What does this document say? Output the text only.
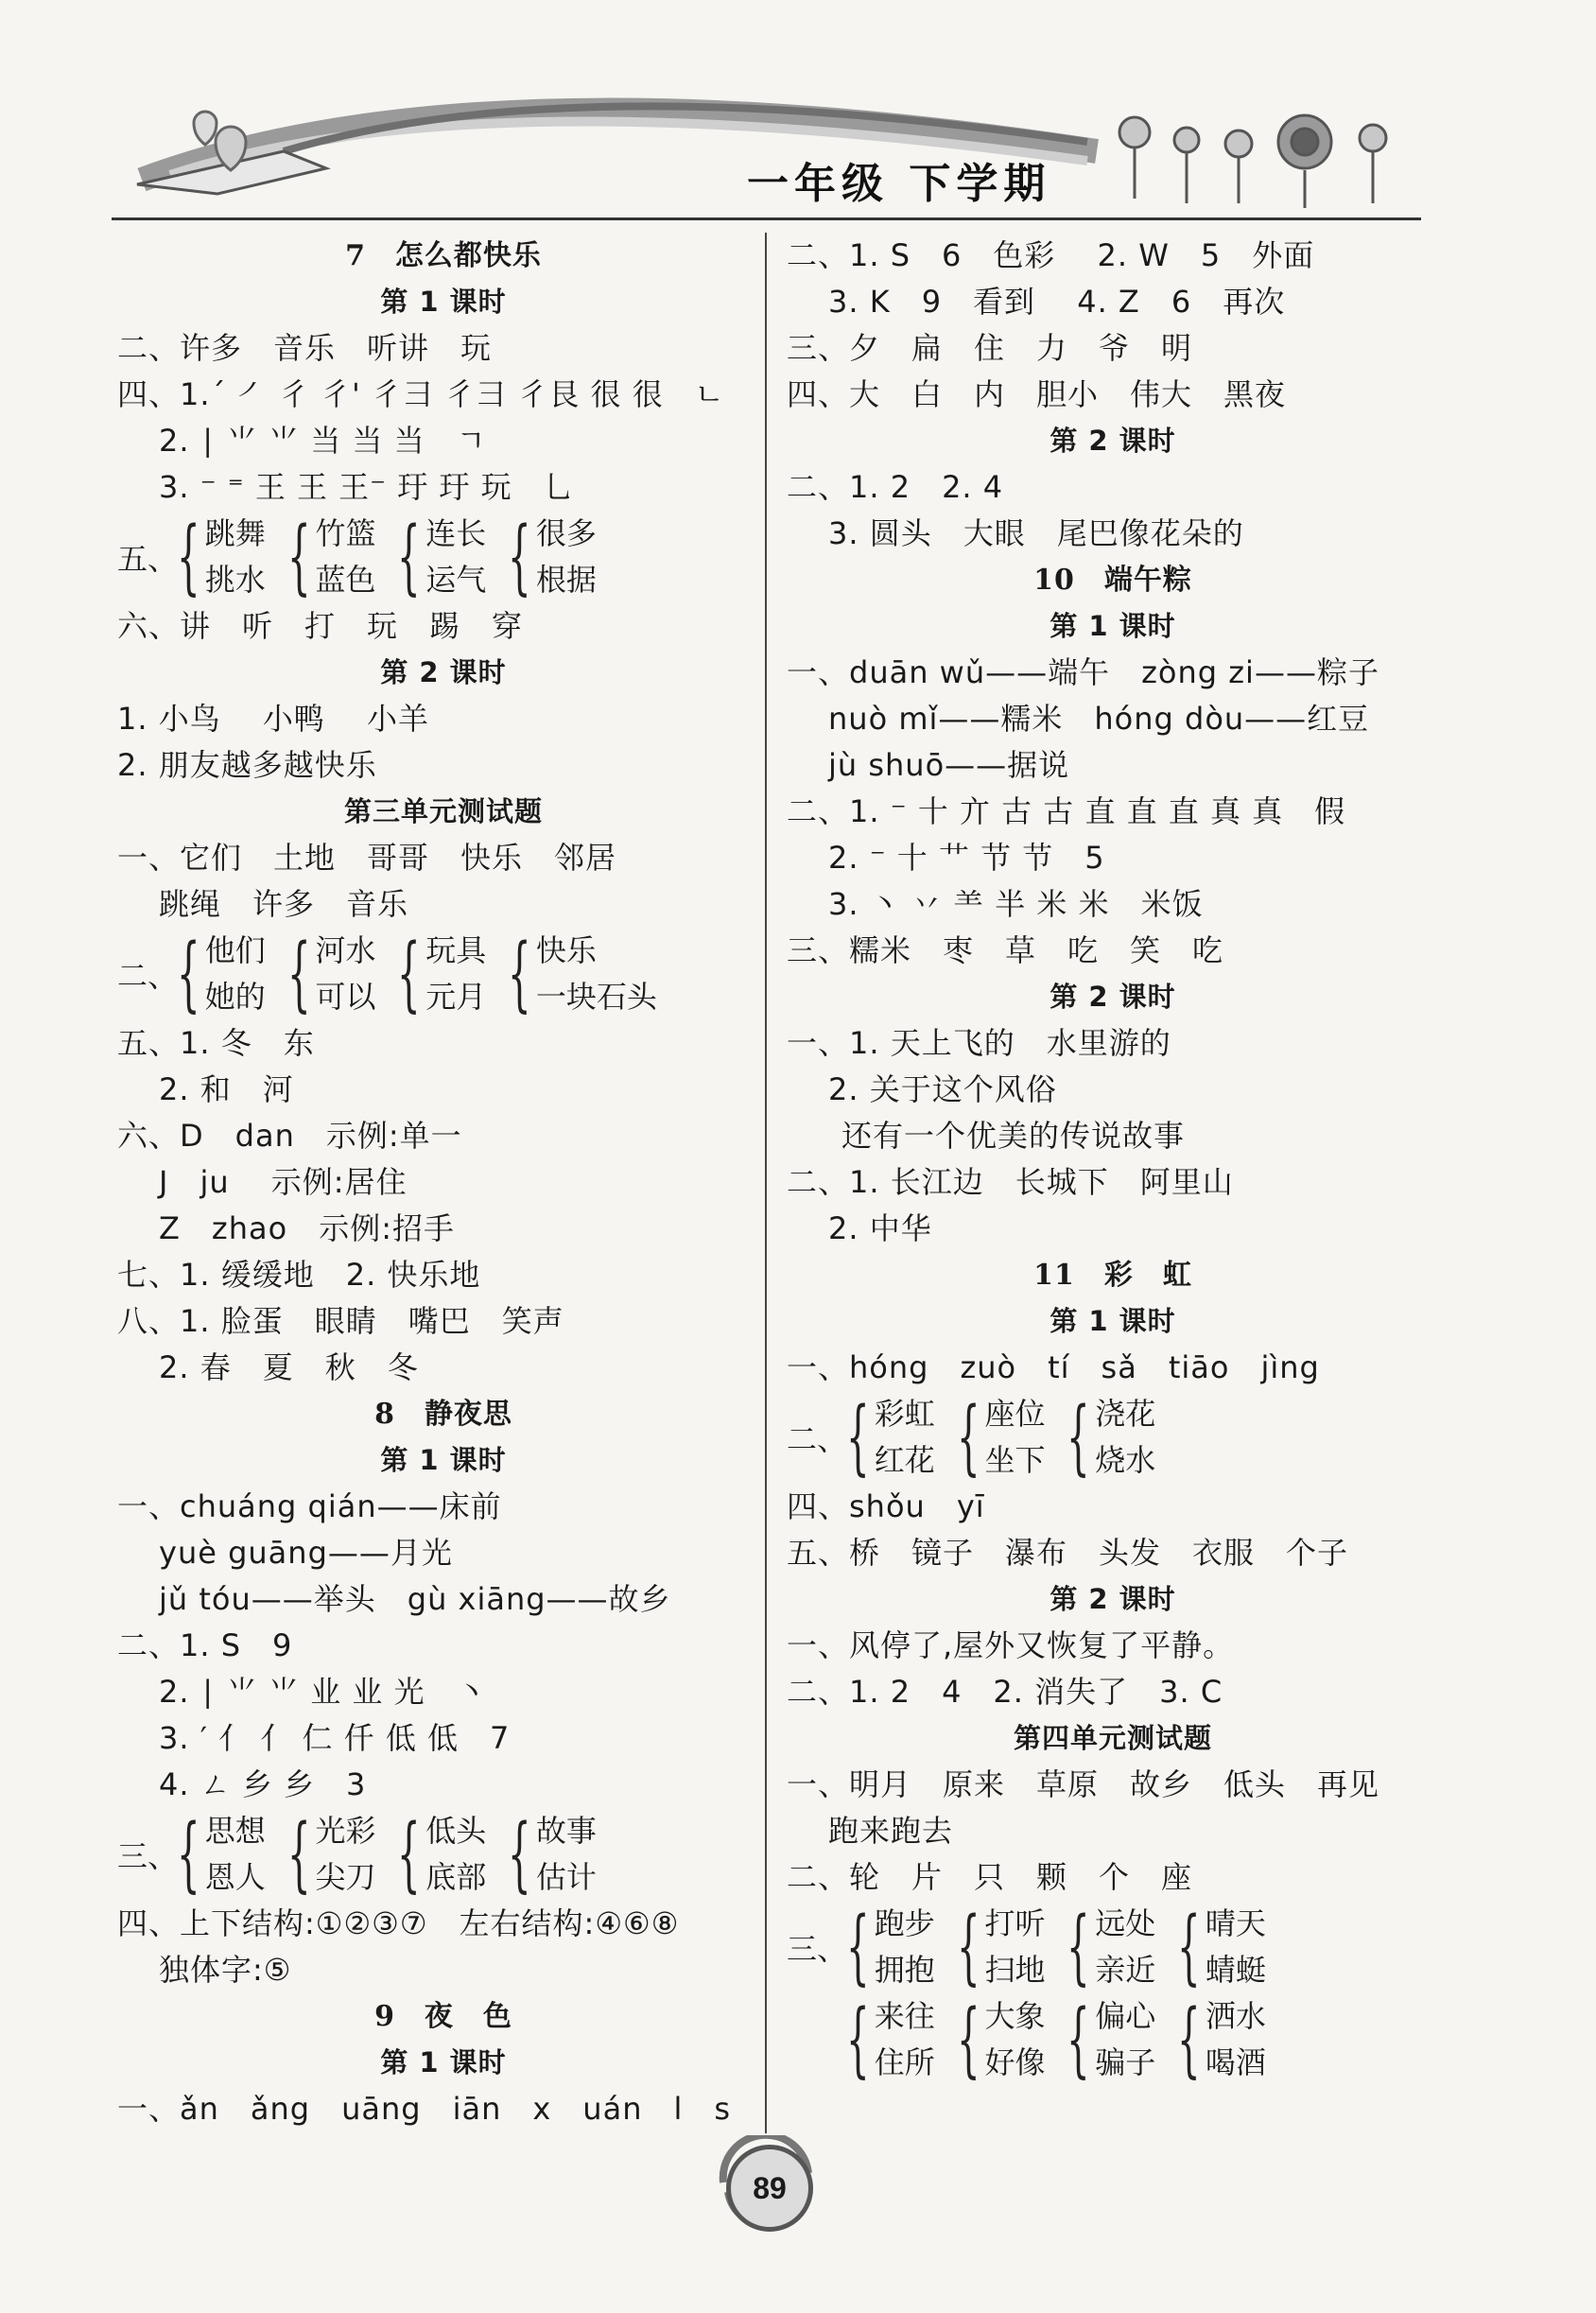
一年级 下学期
7　怎么都快乐
第 1 课时
二、许多　音乐　听讲　玩
四、1.´ ㇒ 彳 彳' 彳彐 彳彐 彳艮 很 很　ㄴ
2. ∣ ⺌ ⺌ 当 当 当　ㄱ
3. ⁻ ⁼ 王 王 王⁻ 玗 玗 玩　乚
五、 { 跳舞
挑水 { 竹篮
蓝色 { 连长
运气 { 很多
根据
六、讲　听　打　玩　踢　穿
第 2 课时
1. 小鸟　 小鸭　 小羊
2. 朋友越多越快乐
第三单元测试题
一、它们　土地　哥哥　快乐　邻居
跳绳　许多　音乐
二、 { 他们
她的 { 河水
可以 { 玩具
元月 { 快乐
一块石头
五、1. 冬　东
2. 和　河
六、D　dan　示例:单一
J　ju　 示例:居住
Z　zhao　示例:招手
七、1. 缓缓地　2. 快乐地
八、1. 脸蛋　眼睛　嘴巴　笑声
2. 春　夏　秋　冬
8　静夜思
第 1 课时
一、chuáng qián——床前
yuè guāng——月光
jǔ tóu——举头　gù xiāng——故乡
二、1. S　9
2. ∣ ⺌ ⺌ 业 业 光　丶
3. ′ 亻 亻 仁 仟 低 低　7
4. ㄥ 乡 乡　3
三、 { 思想
恩人 { 光彩
尖刀 { 低头
底部 { 故事
估计
四、上下结构:①②③⑦　左右结构:④⑥⑧
独体字:⑤
9　夜　色
第 1 课时
一、ǎn　ǎng　uāng　iān　x　uán　l　s
二、1. S　6　色彩　 2. W　5　外面
3. K　9　看到　 4. Z　6　再次
三、夕　扁　住　力　爷　明
四、大　白　内　胆小　伟大　黑夜
第 2 课时
二、1. 2　2. 4
3. 圆头　大眼　尾巴像花朵的
10　端午粽
第 1 课时
一、duān wǔ——端午　zòng zi——粽子
nuò mǐ——糯米　hóng dòu——红豆
jù shuō——据说
二、1. ⁻ 十 亣 古 古 直 直 直 真 真　假
2. ⁻ 十 艹 节 节　5
3. 丶 丷 ⺷ 半 米 米　米饭
三、糯米　枣　草　吃　笑　吃
第 2 课时
一、1. 天上飞的　水里游的
2. 关于这个风俗
还有一个优美的传说故事
二、1. 长江边　长城下　阿里山
2. 中华
11　彩　虹
第 1 课时
一、hóng　zuò　tí　sǎ　tiāo　jìng
二、 { 彩虹
红花 { 座位
坐下 { 浇花
烧水
四、shǒu　yī
五、桥　镜子　瀑布　头发　衣服　个子
第 2 课时
一、风停了,屋外又恢复了平静。
二、1. 2　4　2. 消失了　3. C
第四单元测试题
一、明月　原来　草原　故乡　低头　再见
跑来跑去
二、轮　片　只　颗　个　座
三、 { 跑步
拥抱 { 打听
扫地 { 远处
亲近 { 晴天
蜻蜓
{ 来往
住所 { 大象
好像 { 偏心
骗子 { 洒水
喝酒
89
